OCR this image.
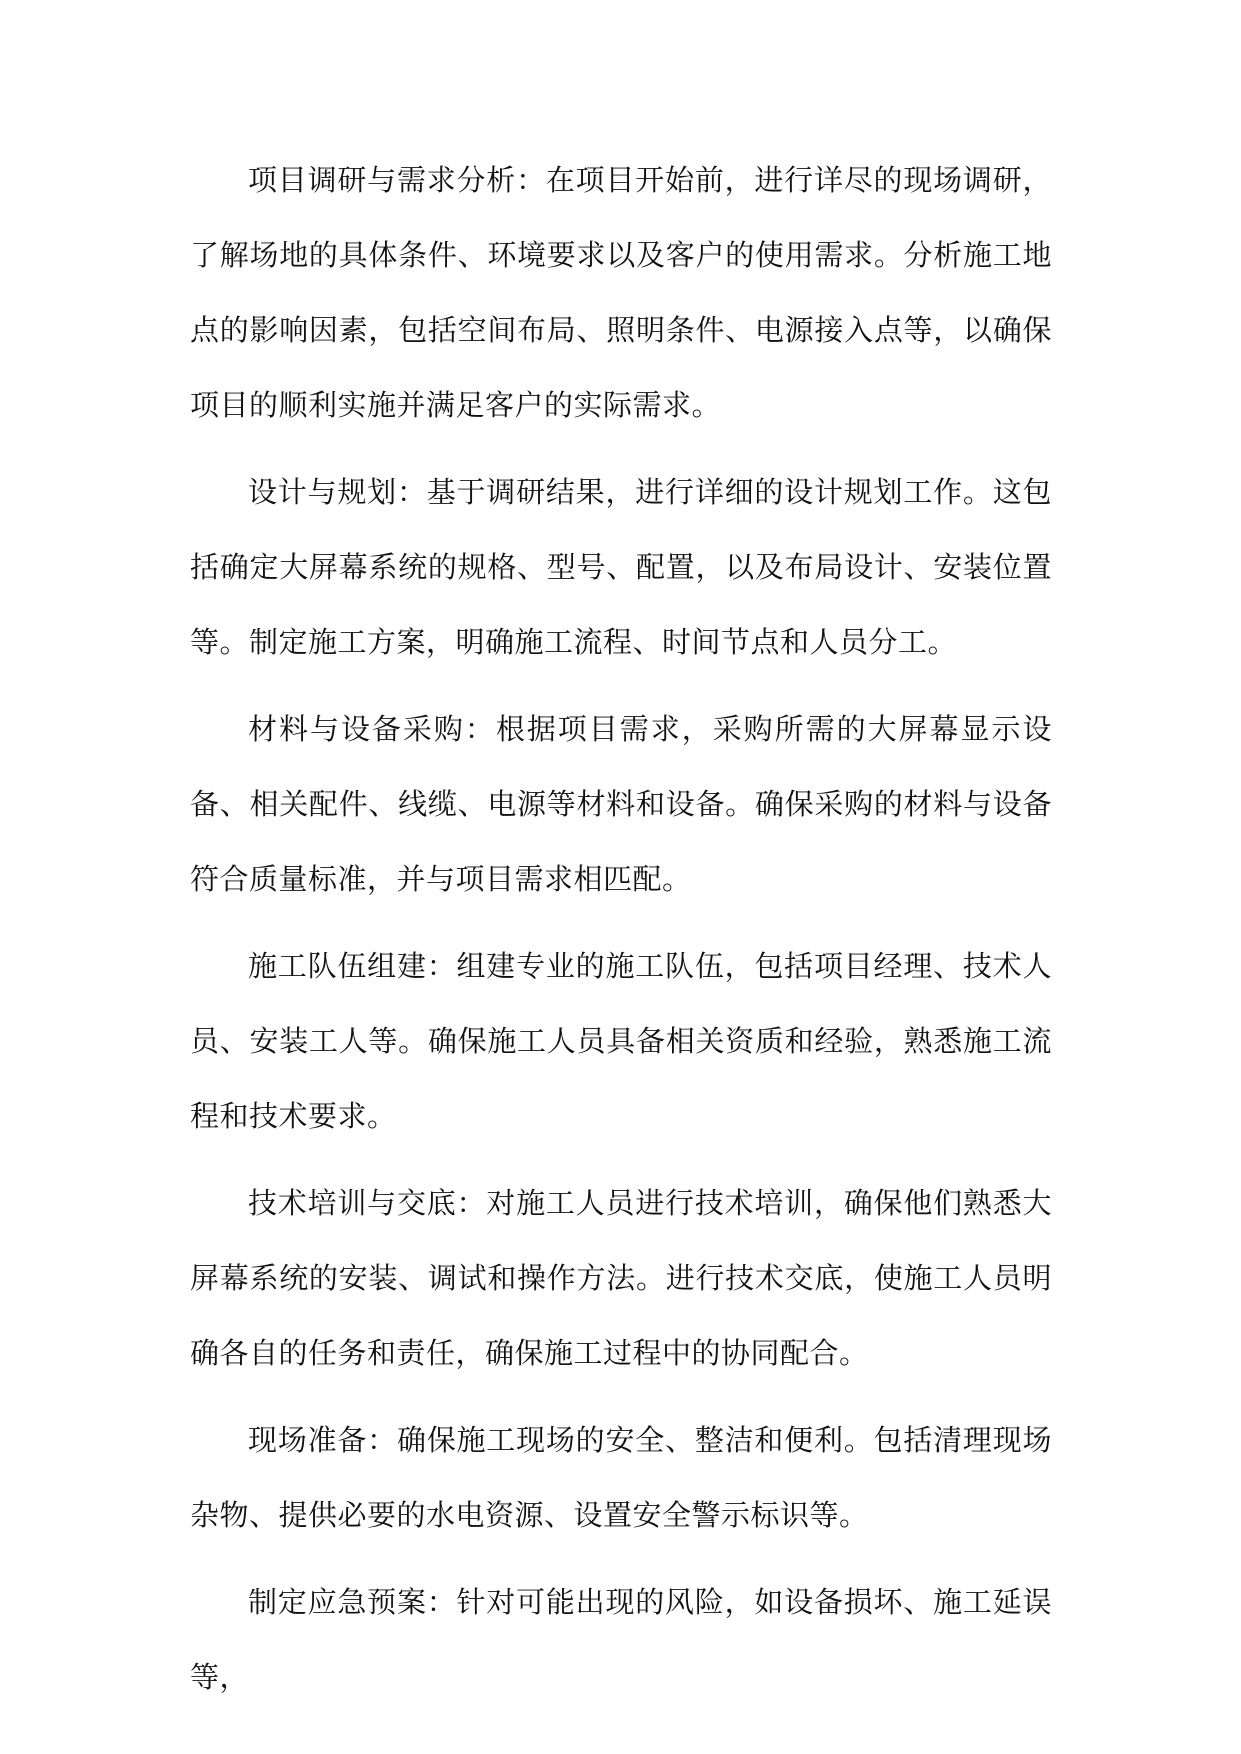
项目调研与需求分析：在项目开始前，进行详尽的现场调研，了解场地的具体条件、环境要求以及客户的使用需求。分析施工地点的影响因素，包括空间布局、照明条件、电源接入点等，以确保项目的顺利实施并满足客户的实际需求。

设计与规划：基于调研结果，进行详细的设计规划工作。这包括确定大屏幕系统的规格、型号、配置，以及布局设计、安装位置等。制定施工方案，明确施工流程、时间节点和人员分工。

材料与设备采购：根据项目需求，采购所需的大屏幕显示设备、相关配件、线缆、电源等材料和设备。确保采购的材料与设备符合质量标准，并与项目需求相匹配。

施工队伍组建：组建专业的施工队伍，包括项目经理、技术人员、安装工人等。确保施工人员具备相关资质和经验，熟悉施工流程和技术要求。

技术培训与交底：对施工人员进行技术培训，确保他们熟悉大屏幕系统的安装、调试和操作方法。进行技术交底，使施工人员明确各自的任务和责任，确保施工过程中的协同配合。

现场准备：确保施工现场的安全、整洁和便利。包括清理现场杂物、提供必要的水电资源、设置安全警示标识等。

制定应急预案：针对可能出现的风险，如设备损坏、施工延误等，
